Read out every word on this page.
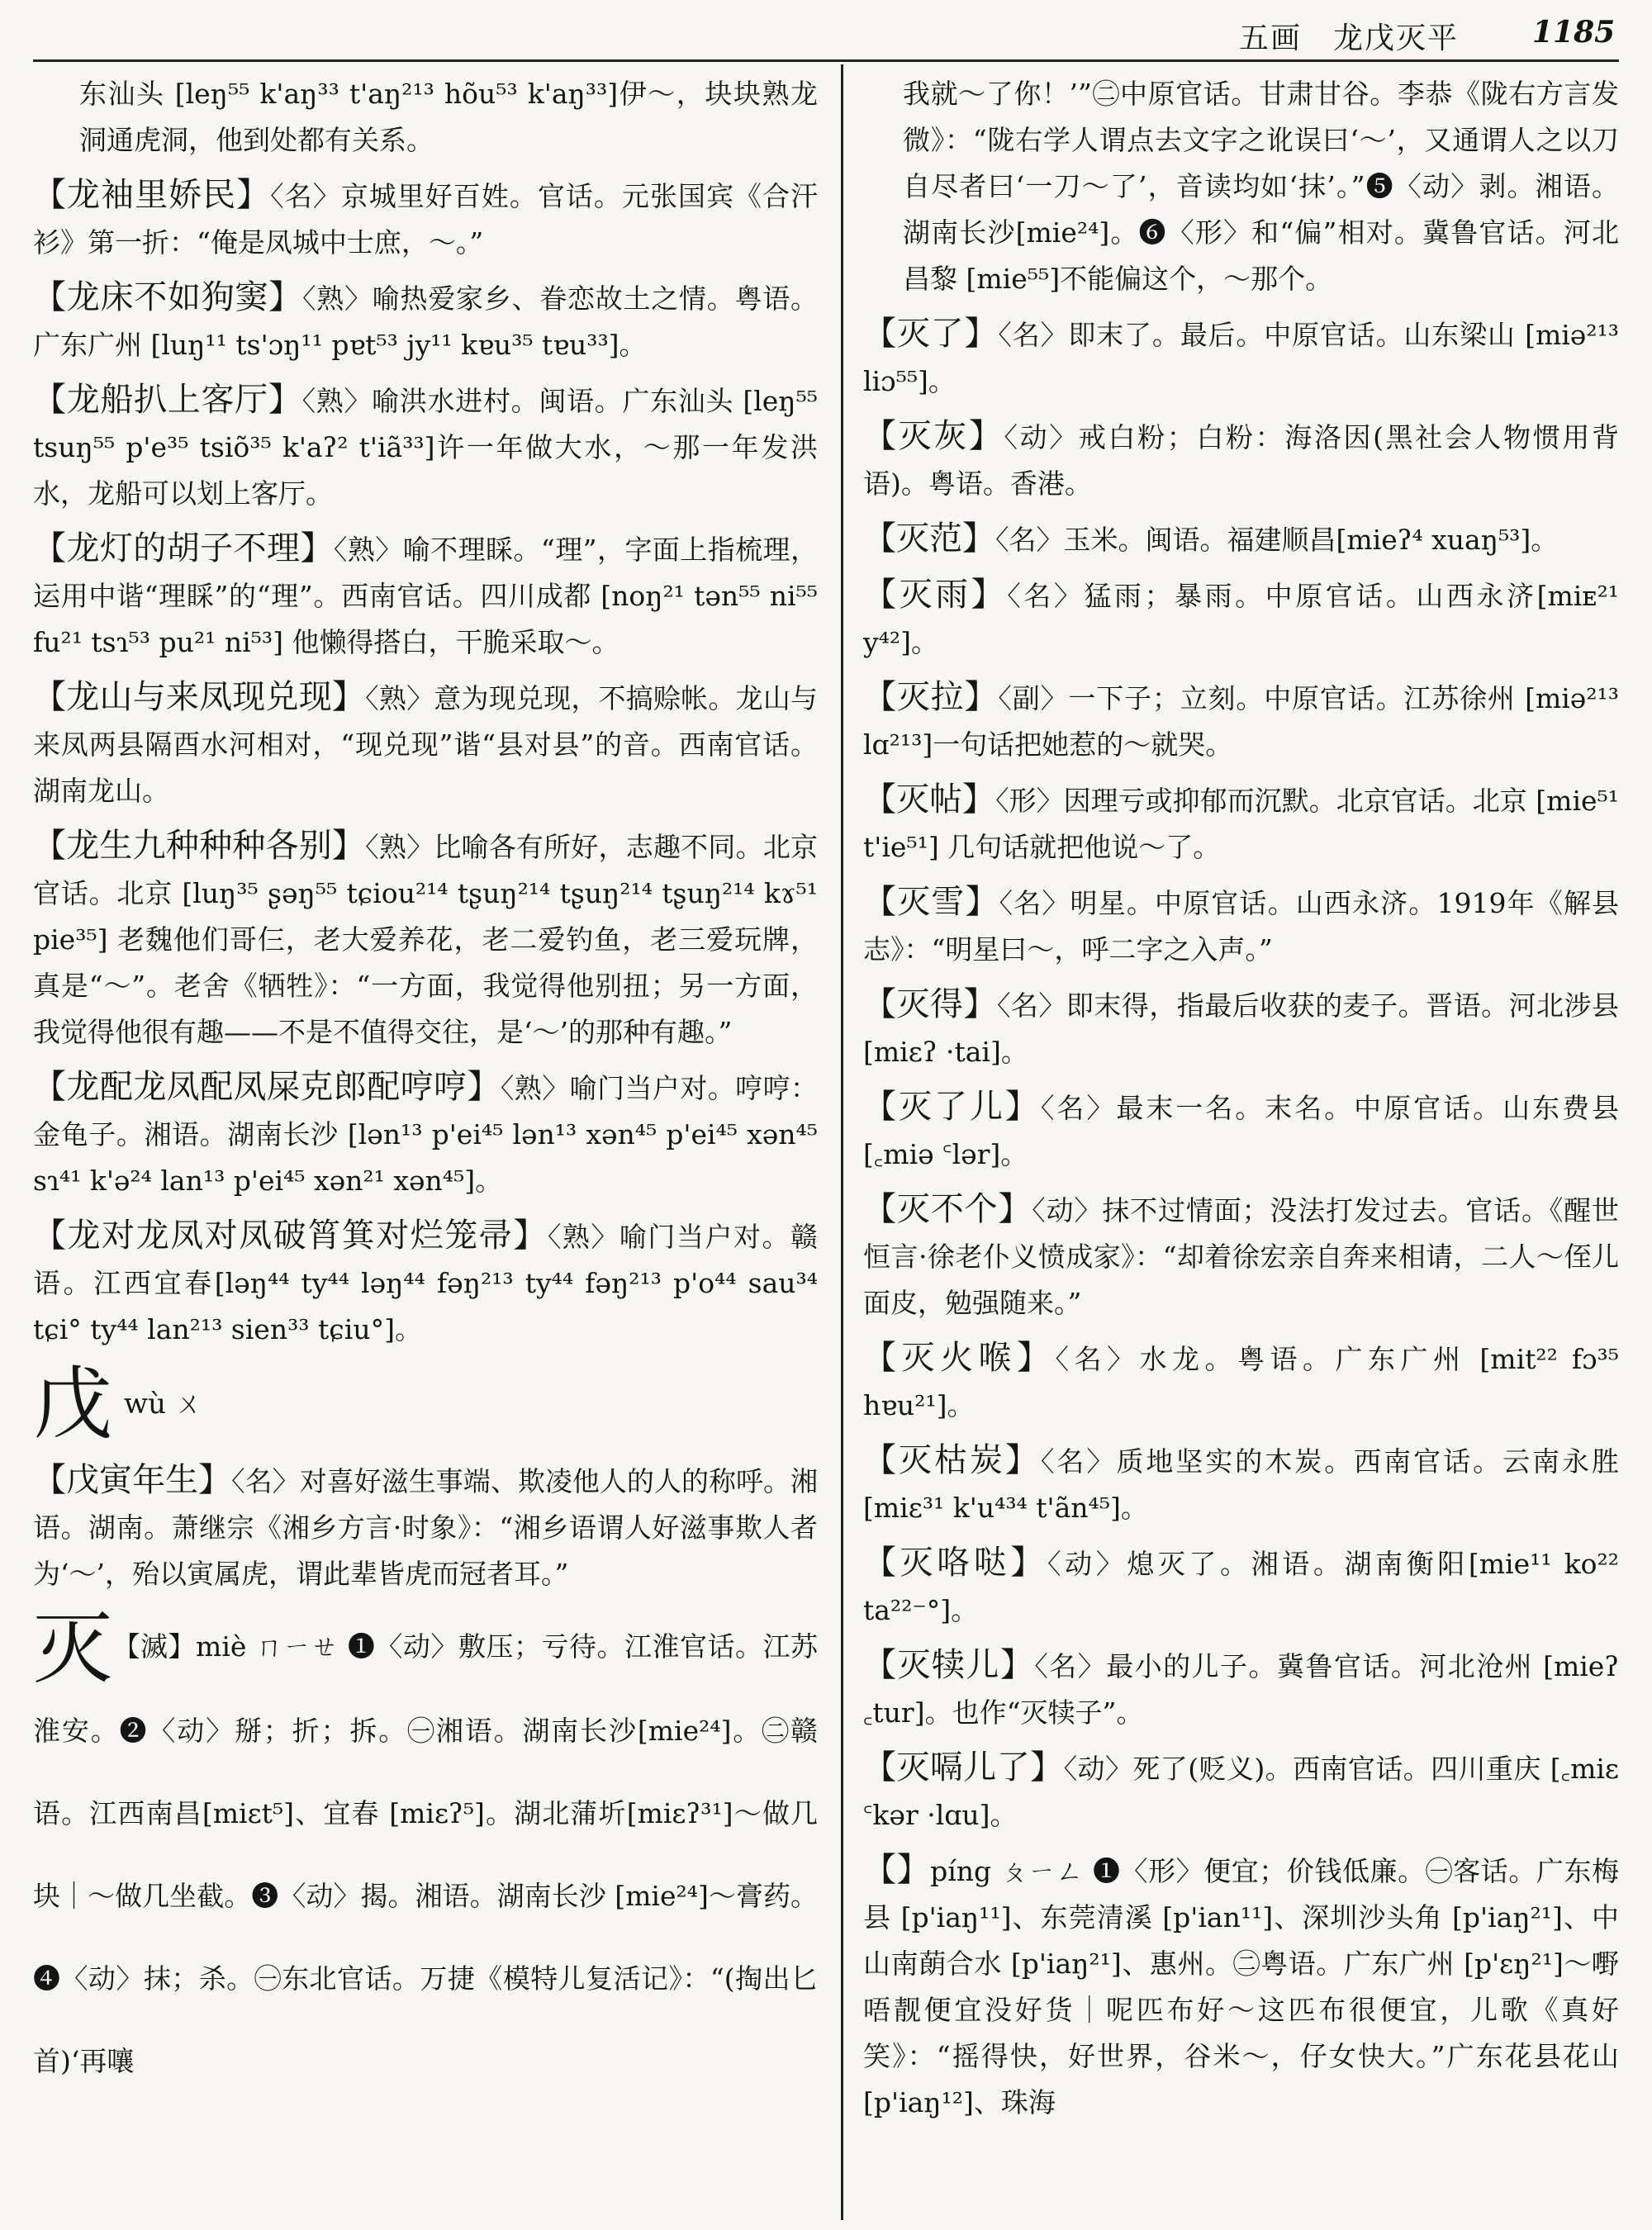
五画　龙戊灭平 1185
东汕头 [leŋ⁵⁵ k'aŋ³³ t'aŋ²¹³ hõu⁵³ k'aŋ³³]伊～，块块熟龙洞通虎洞，他到处都有关系。
【龙袖里娇民】〈名〉京城里好百姓。官话。元张国宾《合汗衫》第一折：“俺是凤城中士庶，～。”
【龙床不如狗窦】〈熟〉喻热爱家乡、眷恋故土之情。粤语。广东广州 [luŋ¹¹ ts'ɔŋ¹¹ pɐt⁵³ jy¹¹ kɐu³⁵ tɐu³³]。
【龙船扒上客厅】〈熟〉喻洪水进村。闽语。广东汕头 [leŋ⁵⁵ tsuŋ⁵⁵ p'e³⁵ tsiõ³⁵ k'aʔ² t'iã³³]许一年做大水，～那一年发洪水，龙船可以划上客厅。
【龙灯的胡子不理】〈熟〉喻不理睬。“理”，字面上指梳理，运用中谐“理睬”的“理”。西南官话。四川成都 [noŋ²¹ tən⁵⁵ ni⁵⁵ fu²¹ tsɿ⁵³ pu²¹ ni⁵³] 他懒得搭白，干脆采取～。
【龙山与来凤现兑现】〈熟〉意为现兑现，不搞赊帐。龙山与来凤两县隔酉水河相对，“现兑现”谐“县对县”的音。西南官话。湖南龙山。
【龙生九种种种各别】〈熟〉比喻各有所好，志趣不同。北京官话。北京 [luŋ³⁵ ʂəŋ⁵⁵ tɕiou²¹⁴ tʂuŋ²¹⁴ tʂuŋ²¹⁴ tʂuŋ²¹⁴ kɤ⁵¹ pie³⁵] 老魏他们哥仨，老大爱养花，老二爱钓鱼，老三爱玩牌，真是“～”。老舍《牺牲》：“一方面，我觉得他别扭；另一方面，我觉得他很有趣——不是不值得交往，是‘～’的那种有趣。”
【龙配龙凤配凤屎克郎配哼哼】〈熟〉喻门当户对。哼哼：金龟子。湘语。湖南长沙 [lən¹³ p'ei⁴⁵ lən¹³ xən⁴⁵ p'ei⁴⁵ xən⁴⁵ sɿ⁴¹ k'ə²⁴ lan¹³ p'ei⁴⁵ xən²¹ xən⁴⁵]。
【龙对龙凤对凤破筲箕对烂笼帚】〈熟〉喻门当户对。赣语。江西宜春[ləŋ⁴⁴ ty⁴⁴ ləŋ⁴⁴ fəŋ²¹³ ty⁴⁴ fəŋ²¹³ p'o⁴⁴ sau³⁴ tɕi° ty⁴⁴ lan²¹³ sien³³ tɕiu°]。
戊wù ㄨ
【戊寅年生】〈名〉对喜好滋生事端、欺凌他人的人的称呼。湘语。湖南。萧继宗《湘乡方言·时象》：“湘乡语谓人好滋事欺人者为‘～’，殆以寅属虎，谓此辈皆虎而冠者耳。”
灭【滅】miè ㄇㄧㄝ ❶〈动〉敷压；亏待。江淮官话。江苏淮安。❷〈动〉掰；折；拆。㊀湘语。湖南长沙[mie²⁴]。㊁赣语。江西南昌[miɛt⁵]、宜春 [miɛʔ⁵]。湖北蒲圻[miɛʔ³¹]～做几块｜～做几坐截。❸〈动〉揭。湘语。湖南长沙 [mie²⁴]～膏药。❹〈动〉抹；杀。㊀东北官话。万捷《模特儿复活记》：“(掏出匕首)‘再嚷
我就～了你！’”㊁中原官话。甘肃甘谷。李恭《陇右方言发微》：“陇右学人谓点去文字之讹误曰‘～’，又通谓人之以刀自尽者曰‘一刀～了’，音读均如‘抹’。”❺〈动〉剥。湘语。湖南长沙[mie²⁴]。❻〈形〉和“偏”相对。冀鲁官话。河北昌黎 [mie⁵⁵]不能偏这个，～那个。
【灭了】〈名〉即末了。最后。中原官话。山东梁山 [miə²¹³ liɔ⁵⁵]。
【灭灰】〈动〉戒白粉；白粉：海洛因(黑社会人物惯用背语)。粤语。香港。
【灭范】〈名〉玉米。闽语。福建顺昌[mieʔ⁴ xuaŋ⁵³]。
【灭雨】〈名〉猛雨；暴雨。中原官话。山西永济[miᴇ²¹ y⁴²]。
【灭拉】〈副〉一下子；立刻。中原官话。江苏徐州 [miə²¹³ lɑ²¹³]一句话把她惹的～就哭。
【灭帖】〈形〉因理亏或抑郁而沉默。北京官话。北京 [mie⁵¹ t'ie⁵¹] 几句话就把他说～了。
【灭雪】〈名〉明星。中原官话。山西永济。1919年《解县志》：“明星曰～，呼二字之入声。”
【灭得】〈名〉即末得，指最后收获的麦子。晋语。河北涉县 [miɛʔ ·tai]。
【灭了儿】〈名〉最末一名。末名。中原官话。山东费县 [꜀miə ꜂lər]。
【灭不个】〈动〉抹不过情面；没法打发过去。官话。《醒世恒言·徐老仆义愤成家》：“却着徐宏亲自奔来相请，二人～侄儿面皮，勉强随来。”
【灭火喉】〈名〉水龙。粤语。广东广州 [mit²² fɔ³⁵ hɐu²¹]。
【灭枯炭】〈名〉质地坚实的木炭。西南官话。云南永胜 [miɛ³¹ k'u⁴³⁴ t'ãn⁴⁵]。
【灭咯哒】〈动〉熄灭了。湘语。湖南衡阳[mie¹¹ ko²² ta²²⁻°]。
【灭犊儿】〈名〉最小的儿子。冀鲁官话。河北沧州 [mieʔ ꜀tur]。也作“灭犊子”。
【灭嗝儿了】〈动〉死了(贬义)。西南官话。四川重庆 [꜀miɛ ꜂kər ·lɑu]。
【】píng ㄆㄧㄥ ❶〈形〉便宜；价钱低廉。㊀客话。广东梅县 [p'iaŋ¹¹]、东莞清溪 [p'ian¹¹]、深圳沙头角 [p'iaŋ²¹]、中山南蓢合水 [p'iaŋ²¹]、惠州。㊁粤语。广东广州 [p'ɛŋ²¹]～嘢唔靓便宜没好货｜呢匹布好～这匹布很便宜，儿歌《真好笑》：“摇得快，好世界，谷米～，仔女快大。”广东花县花山 [p'iaŋ¹²]、珠海
